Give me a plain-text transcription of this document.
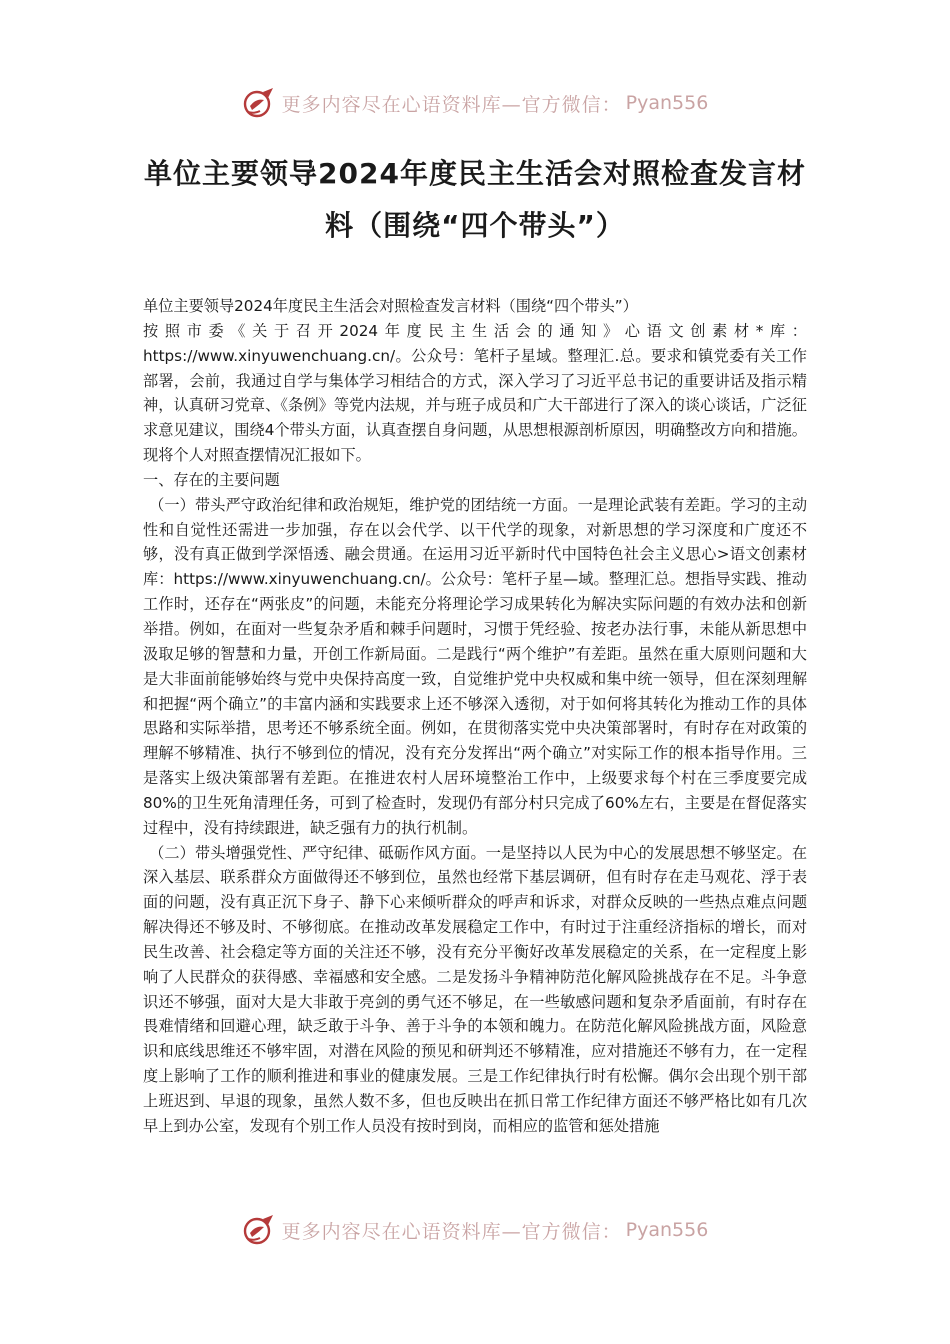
更多内容尽在心语资料库—官方微信： Pyan556
单位主要领导2024年度民主生活会对照检查发言材料（围绕“四个带头”）

单位主要领导2024年度民主生活会对照检查发言材料（围绕“四个带头”）

按照市委《关于召开2024年度民主生活会的通知》心语文创素材*库：https://www.xinyuwenchuang.cn/。公众号：笔杆子星域。整理汇.总。要求和镇党委有关工作部署，会前，我通过自学与集体学习相结合的方式，深入学习了习近平总书记的重要讲话及指示精神，认真研习党章、《条例》等党内法规，并与班子成员和广大干部进行了深入的谈心谈话，广泛征求意见建议，围绕4个带头方面，认真查摆自身问题，从思想根源剖析原因，明确整改方向和措施。现将个人对照查摆情况汇报如下。

一、存在的主要问题

（一）带头严守政治纪律和政治规矩，维护党的团结统一方面。一是理论武装有差距。学习的主动性和自觉性还需进一步加强，存在以会代学、以干代学的现象，对新思想的学习深度和广度还不够，没有真正做到学深悟透、融会贯通。在运用习近平新时代中国特色社会主义思心>语文创素材库：https://www.xinyuwenchuang.cn/。公众号：笔杆子星—域。整理汇总。想指导实践、推动工作时，还存在“两张皮”的问题，未能充分将理论学习成果转化为解决实际问题的有效办法和创新举措。例如，在面对一些复杂矛盾和棘手问题时，习惯于凭经验、按老办法行事，未能从新思想中汲取足够的智慧和力量，开创工作新局面。二是践行“两个维护”有差距。虽然在重大原则问题和大是大非面前能够始终与党中央保持高度一致，自觉维护党中央权威和集中统一领导，但在深刻理解和把握“两个确立”的丰富内涵和实践要求上还不够深入透彻，对于如何将其转化为推动工作的具体思路和实际举措，思考还不够系统全面。例如，在贯彻落实党中央决策部署时，有时存在对政策的理解不够精准、执行不够到位的情况，没有充分发挥出“两个确立”对实际工作的根本指导作用。三是落实上级决策部署有差距。在推进农村人居环境整治工作中，上级要求每个村在三季度要完成80%的卫生死角清理任务，可到了检查时，发现仍有部分村只完成了60%左右，主要是在督促落实过程中，没有持续跟进，缺乏强有力的执行机制。

（二）带头增强党性、严守纪律、砥砺作风方面。一是坚持以人民为中心的发展思想不够坚定。在深入基层、联系群众方面做得还不够到位，虽然也经常下基层调研，但有时存在走马观花、浮于表面的问题，没有真正沉下身子、静下心来倾听群众的呼声和诉求，对群众反映的一些热点难点问题解决得还不够及时、不够彻底。在推动改革发展稳定工作中，有时过于注重经济指标的增长，而对民生改善、社会稳定等方面的关注还不够，没有充分平衡好改革发展稳定的关系，在一定程度上影响了人民群众的获得感、幸福感和安全感。二是发扬斗争精神防范化解风险挑战存在不足。斗争意识还不够强，面对大是大非敢于亮剑的勇气还不够足，在一些敏感问题和复杂矛盾面前，有时存在畏难情绪和回避心理，缺乏敢于斗争、善于斗争的本领和魄力。在防范化解风险挑战方面，风险意识和底线思维还不够牢固，对潜在风险的预见和研判还不够精准，应对措施还不够有力，在一定程度上影响了工作的顺利推进和事业的健康发展。三是工作纪律执行时有松懈。偶尔会出现个别干部上班迟到、早退的现象，虽然人数不多，但也反映出在抓日常工作纪律方面还不够严格比如有几次早上到办公室，发现有个别工作人员没有按时到岗，而相应的监管和惩处措施

更多内容尽在心语资料库—官方微信： Pyan556
